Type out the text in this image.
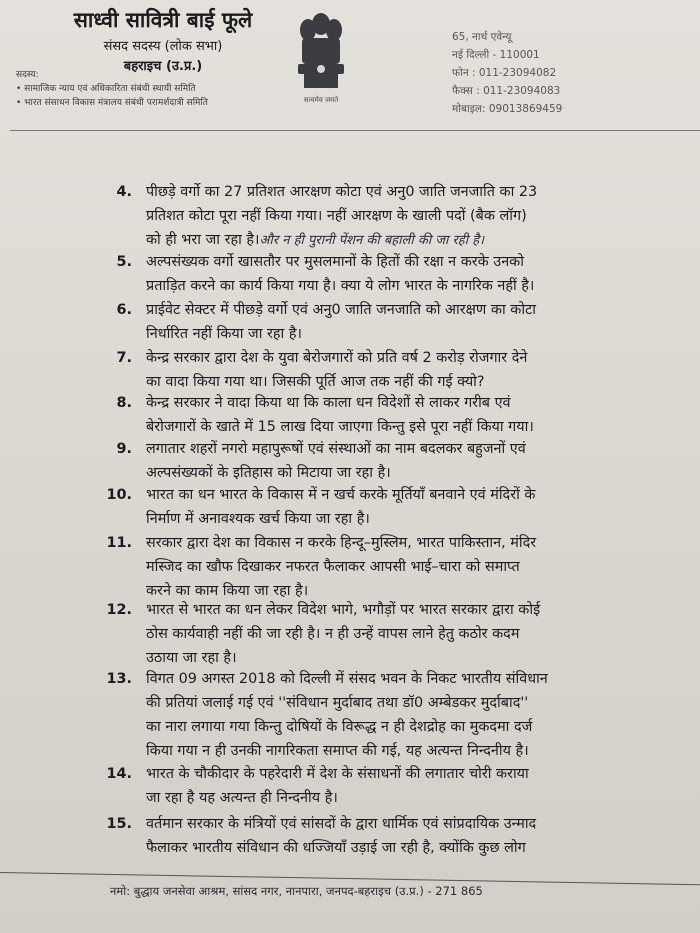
साध्वी सावित्री बाई फूले
संसद सदस्य (लोक सभा)
बहराइच (उ.प्र.)
सदस्य:
• सामाजिक न्याय एवं अधिकारिता संबंधी स्थायी समिति
• भारत संसाधन विकास मंत्रालय संबंधी परामर्शदात्री समिति	सत्यमेव जयते
65, नार्थ एवेन्यू
नई दिल्ली - 110001
फोन : 011-23094082
फैक्स : 011-23094083
मोबाइल: 09013869459
4. पीछड़े वर्गो का 27 प्रतिशत आरक्षण कोटा एवं अनु0 जाति जनजाति का 23
प्रतिशत कोटा पूरा नहीं किया गया। नहीं आरक्षण के खाली पदों (बैक लॉग)
को ही भरा जा रहा है।और न ही पुरानी पेंशन की बहाली की जा रही है।
5. अल्पसंख्यक वर्गो खासतौर पर मुसलमानों के हितों की रक्षा न करके उनको
प्रताड़ित करने का कार्य किया गया है। क्या ये लोग भारत के नागरिक नहीं है।
6. प्राईवेट सेक्टर में पीछड़े वर्गो एवं अनु0 जाति जनजाति को आरक्षण का कोटा
निर्धारित नहीं किया जा रहा है।
7. केन्द्र सरकार द्वारा देश के युवा बेरोजगारों को प्रति वर्ष 2 करोड़ रोजगार देने
का वादा किया गया था। जिसकी पूर्ति आज तक नहीं की गई क्यो?
8. केन्द्र सरकार ने वादा किया था कि काला धन विदेशों से लाकर गरीब एवं
बेरोजगारों के खाते में 15 लाख दिया जाएगा किन्तु इसे पूरा नहीं किया गया।
9. लगातार शहरों नगरो महापुरूषों एवं संस्थाओं का नाम बदलकर बहुजनों एवं
अल्पसंख्यकों के इतिहास को मिटाया जा रहा है।
10. भारत का धन भारत के विकास में न खर्च करके मूर्तियाँ बनवाने एवं मंदिरों के
निर्माण में अनावश्यक खर्च किया जा रहा है।
11. सरकार द्वारा देश का विकास न करके हिन्दू–मुस्लिम, भारत पाकिस्तान, मंदिर
मस्जिद का खौफ दिखाकर नफरत फैलाकर आपसी भाई–चारा को समाप्त
करने का काम किया जा रहा है।
12. भारत से भारत का धन लेकर विदेश भागे, भगौड़ों पर भारत सरकार द्वारा कोई
ठोस कार्यवाही नहीं की जा रही है। न ही उन्हें वापस लाने हेतु कठोर कदम
उठाया जा रहा है।
13. विगत 09 अगस्त 2018 को दिल्ली में संसद भवन के निकट भारतीय संविधान
की प्रतियां जलाई गई एवं ''संविधान मुर्दाबाद तथा डॉ0 अम्बेडकर मुर्दाबाद''
का नारा लगाया गया किन्तु दोषियों के विरूद्ध न ही देशद्रोह का मुकदमा दर्ज
किया गया न ही उनकी नागरिकता समाप्त की गई, यह अत्यन्त निन्दनीय है।
14. भारत के चौकीदार के पहरेदारी में देश के संसाधनों की लगातार चोरी कराया
जा रहा है यह अत्यन्त ही निन्दनीय है।
15. वर्तमान सरकार के मंत्रियों एवं सांसदों के द्वारा धार्मिक एवं सांप्रदायिक उन्माद
फैलाकर भारतीय संविधान की धज्जियाँ उड़ाई जा रही है, क्योंकि कुछ लोग
नमो: बुद्धाय जनसेवा आश्रम, सांसद नगर, नानपारा, जनपद-बहराइच (उ.प्र.) - 271 865
